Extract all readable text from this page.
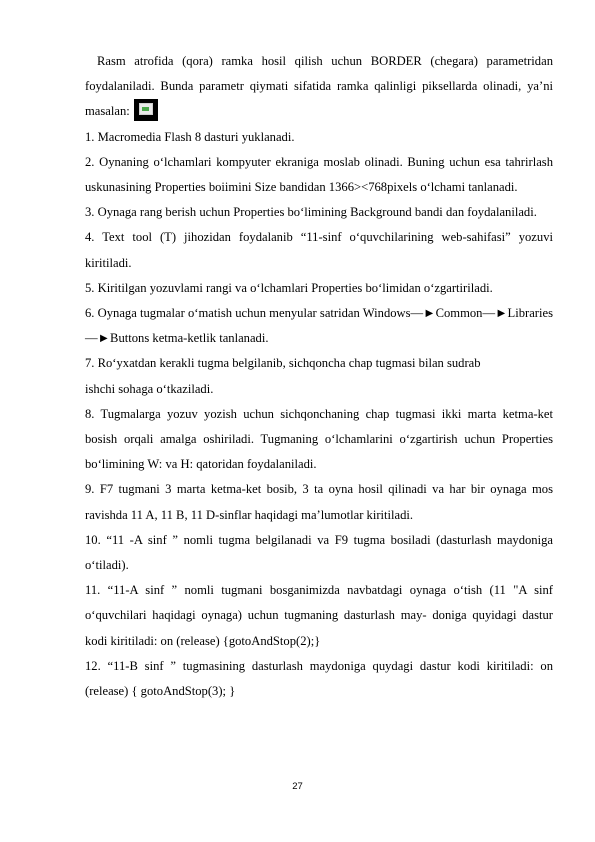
Rasm atrofida (qora) ramka hosil qilish uchun BORDER (chegara) parametridan foydalaniladi. Bunda parametr qiymati sifatida ramka qalinligi piksellarda olinadi, ya’ni masalan:

1. Macromedia Flash 8 dasturi yuklanadi.

2. Oynaning o‘lchamlari kompyuter ekraniga moslab olinadi. Buning uchun esa tahrirlash uskunasining Properties boiimini Size bandidan 1366><768pixels o‘lchami tanlanadi.

3. Oynaga rang berish uchun Properties bo‘limining Background bandi dan foydalaniladi.

4. Text tool (T) jihozidan foydalanib “11-sinf o‘quvchilarining web-sahifasi” yozuvi kiritiladi.

5. Kiritilgan yozuvlami rangi va o‘lchamlari Properties bo‘limidan o‘zgartiriladi.

6. Oynaga tugmalar o‘matish uchun menyular satridan Windows—►Common—►Libraries—►Buttons ketma-ketlik tanlanadi.

7. Ro‘yxatdan kerakli tugma belgilanib, sichqoncha chap tugmasi bilan sudrab

ishchi sohaga o‘tkaziladi.

8. Tugmalarga yozuv yozish uchun sichqonchaning chap tugmasi ikki marta ketma-ket bosish orqali amalga oshiriladi. Tugmaning o‘lchamlarini o‘zgartirish uchun Properties bo‘limining W: va H: qatoridan foydalaniladi.

9. F7 tugmani 3 marta ketma-ket bosib, 3 ta oyna hosil qilinadi va har bir oynaga mos ravishda 11 A, 11 B, 11 D-sinflar haqidagi ma’lumotlar kiritiladi.

10. “11 -A sinf ” nomli tugma belgilanadi va F9 tugma bosiladi (dasturlash maydoniga o‘tiladi).

11. “11-A sinf ” nomli tugmani bosganimizda navbatdagi oynaga o‘tish (11 "A sinf o‘quvchilari haqidagi oynaga) uchun tugmaning dasturlash may- doniga quyidagi dastur kodi kiritiladi: on (release) {gotoAndStop(2);}

12. “11-B sinf ” tugmasining dasturlash maydoniga quydagi dastur kodi kiritiladi: on (release) { gotoAndStop(3); }

27
